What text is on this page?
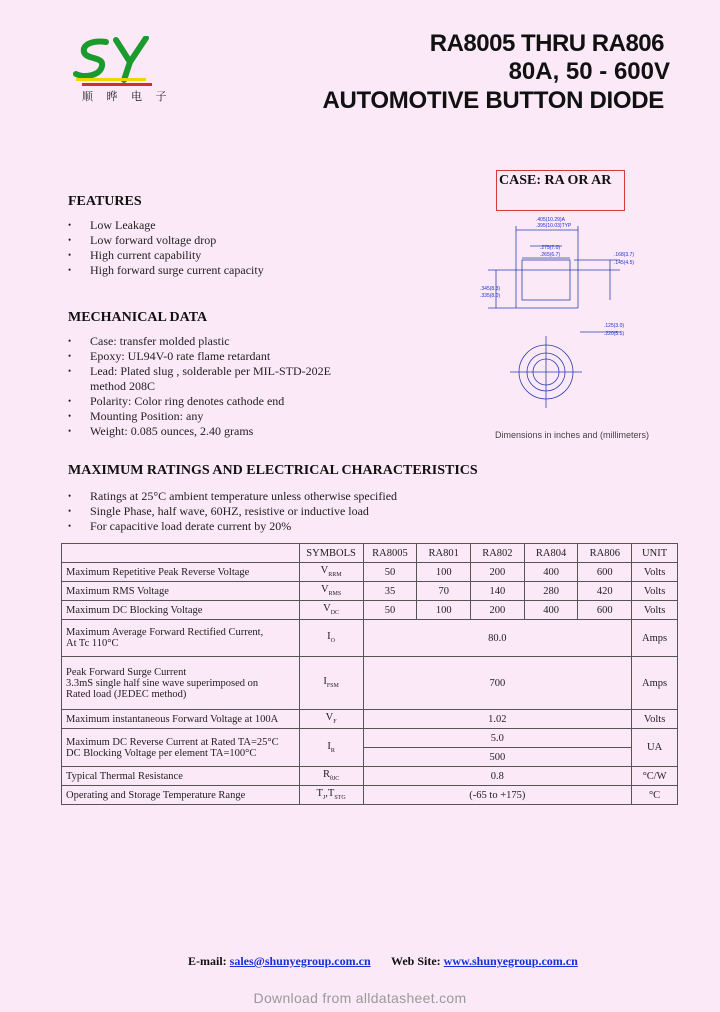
顺 晔 电 子
RA8005 THRU RA806
80A, 50 - 600V
AUTOMOTIVE BUTTON DIODE
CASE: RA OR AR
.405(10.29)A
.395(10.03)TYP
.275(7.0)
.265(6.7)	.168(3.7)
.145(4.5)
.345(8.3)
.335(8.0)
.125(3.0)
.220(5.5)
Dimensions in inches and (millimeters)
FEATURES
• Low Leakage
• Low forward voltage drop
• High current capability
• High forward surge current capacity
MECHANICAL DATA
• Case: transfer molded plastic
• Epoxy: UL94V-0 rate flame retardant
• Lead: Plated slug , solderable per MIL-STD-202E
method 208C
• Polarity: Color ring denotes cathode end
• Mounting Position: any
• Weight: 0.085 ounces, 2.40 grams
MAXIMUM RATINGS AND ELECTRICAL CHARACTERISTICS
• Ratings at 25°C ambient temperature unless otherwise specified
• Single Phase, half wave, 60HZ, resistive or inductive load
• For capacitive load derate current by 20%
	SYMBOLS	RA8005	RA801	RA802	RA804	RA806	UNIT
Maximum Repetitive Peak Reverse Voltage	$V_{RRM}$	50	100	200	400	600	Volts
Maximum RMS Voltage	$V_{RMS}$	35	70	140	280	420	Volts
Maximum DC Blocking Voltage	$V_{DC}$	50	100	200	400	600	Volts

Maximum Average Forward Rectified Current,
At Tc 110°C	$I_O$	80.0					Amps

Peak Forward Surge Current
3.3mS single half sine wave superimposed on
Rated load (JEDEC method)	$I_{FSM}$	700					Amps
Maximum instantaneous Forward Voltage at 100A	$V_F$	1.02					Volts

Maximum DC Reverse Current at Rated TA=25°C
DC Blocking Voltage per element TA=100°C	$I_R$	5.0					UA
		500					
Typical Thermal Resistance	$R_{\theta JC}$	0.8					°C/W
Operating and Storage Temperature Range	$T_J,T_{STG}$	(-65 to +175)					°C
E-mail: sales@shunyegroup.com.cn Web Site: www.shunyegroup.com.cn
Download from alldatasheet.com
